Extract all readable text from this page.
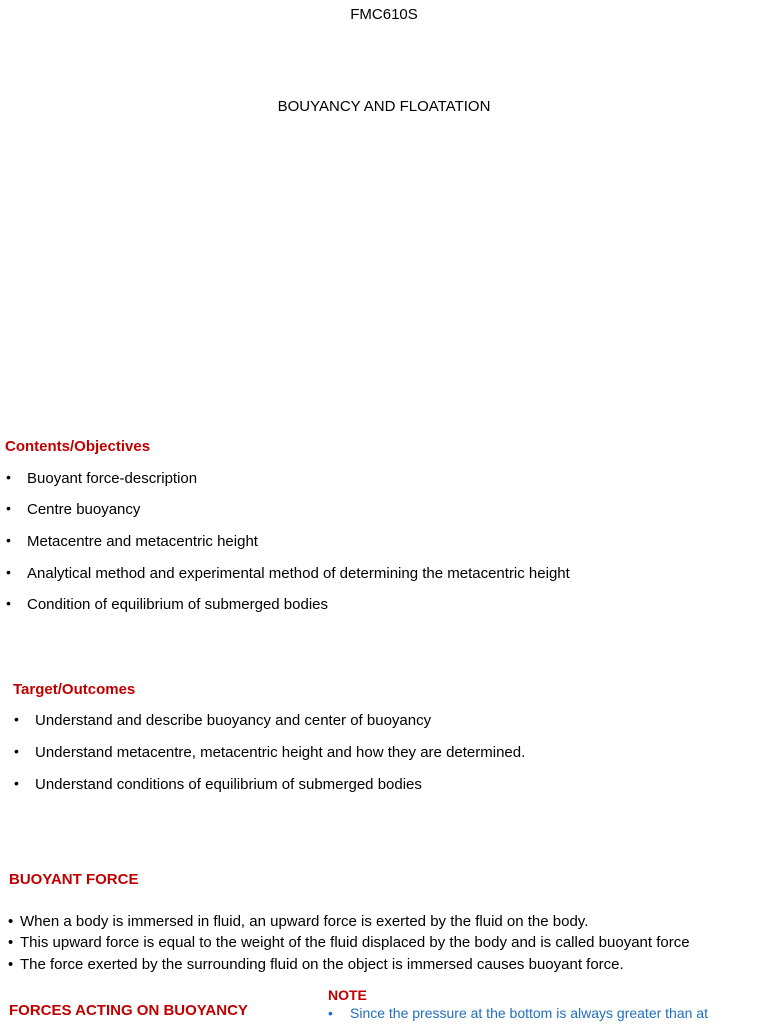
FMC610S
BOUYANCY AND FLOATATION
Contents/Objectives
• Buoyant force-description
• Centre buoyancy
• Metacentre and metacentric height
• Analytical method and experimental method of determining the metacentric height
• Condition of equilibrium of submerged bodies
Target/Outcomes
• Understand and describe buoyancy and center of buoyancy
• Understand metacentre, metacentric height and how they are determined.
• Understand conditions of equilibrium of submerged bodies
BUOYANT FORCE
• When a body is immersed in fluid, an upward force is exerted by the fluid on the body.
• This upward force is equal to the weight of the fluid displaced by the body and is called buoyant force
• The force exerted by the surrounding fluid on the object is immersed causes buoyant force.
FORCES ACTING ON BUOYANCY
NOTE
• Since the pressure at the bottom is always greater than at
